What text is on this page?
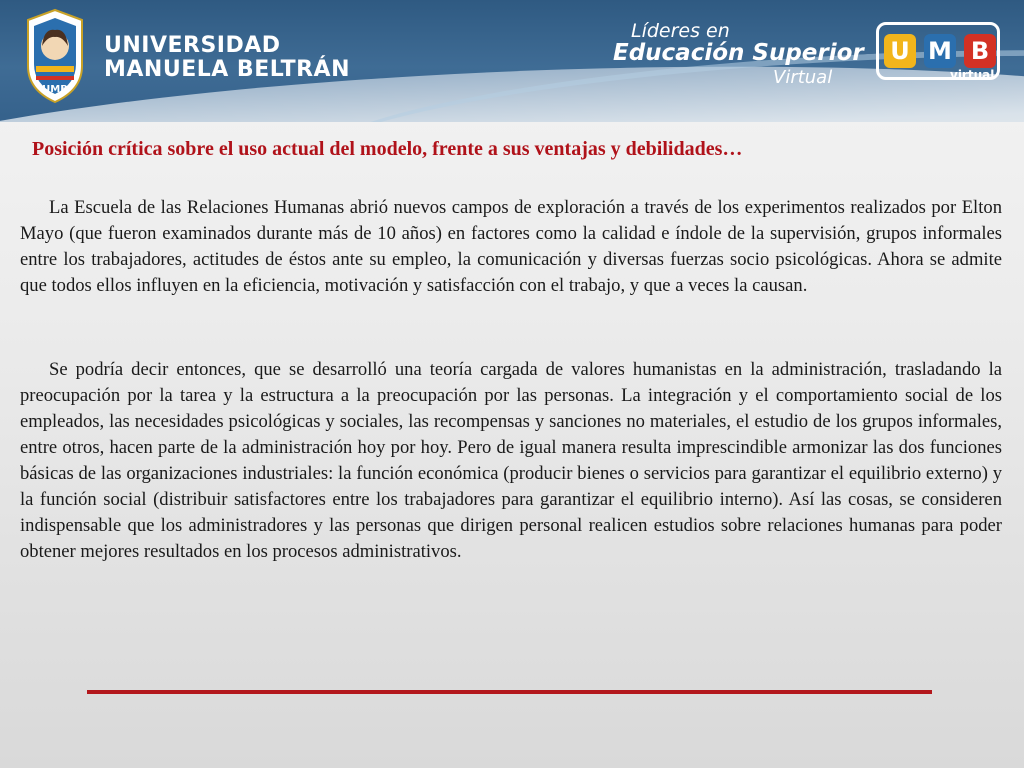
UMB
UNIVERSIDAD
MANUELA BELTRÁN
Líderes en
Educación Superior
Virtual
U M B
virtual
Posición crítica sobre el uso actual del modelo, frente a sus ventajas y debilidades…

La Escuela de las Relaciones Humanas abrió nuevos campos de exploración a través de los experimentos realizados por Elton Mayo (que fueron examinados durante más de 10 años) en factores como la calidad e índole de la supervisión, grupos informales entre los trabajadores, actitudes de éstos ante su empleo, la comunicación y diversas fuerzas socio psicológicas. Ahora se admite que todos ellos influyen en la eficiencia, motivación y satisfacción con el trabajo, y que a veces la causan.

Se podría decir entonces, que se desarrolló una teoría cargada de valores humanistas en la administración, trasladando la preocupación por la tarea y la estructura a la preocupación por las personas. La integración y el comportamiento social de los empleados, las necesidades psicológicas y sociales, las recompensas y sanciones no materiales, el estudio de los grupos informales, entre otros, hacen parte de la administración hoy por hoy. Pero de igual manera resulta imprescindible armonizar las dos funciones básicas de las organizaciones industriales: la función económica (producir bienes o servicios para garantizar el equilibrio externo) y la función social (distribuir satisfactores entre los trabajadores para garantizar el equilibrio interno). Así las cosas, se consideren indispensable que los administradores y las personas que dirigen personal realicen estudios sobre relaciones humanas para poder obtener mejores resultados en los procesos administrativos.
